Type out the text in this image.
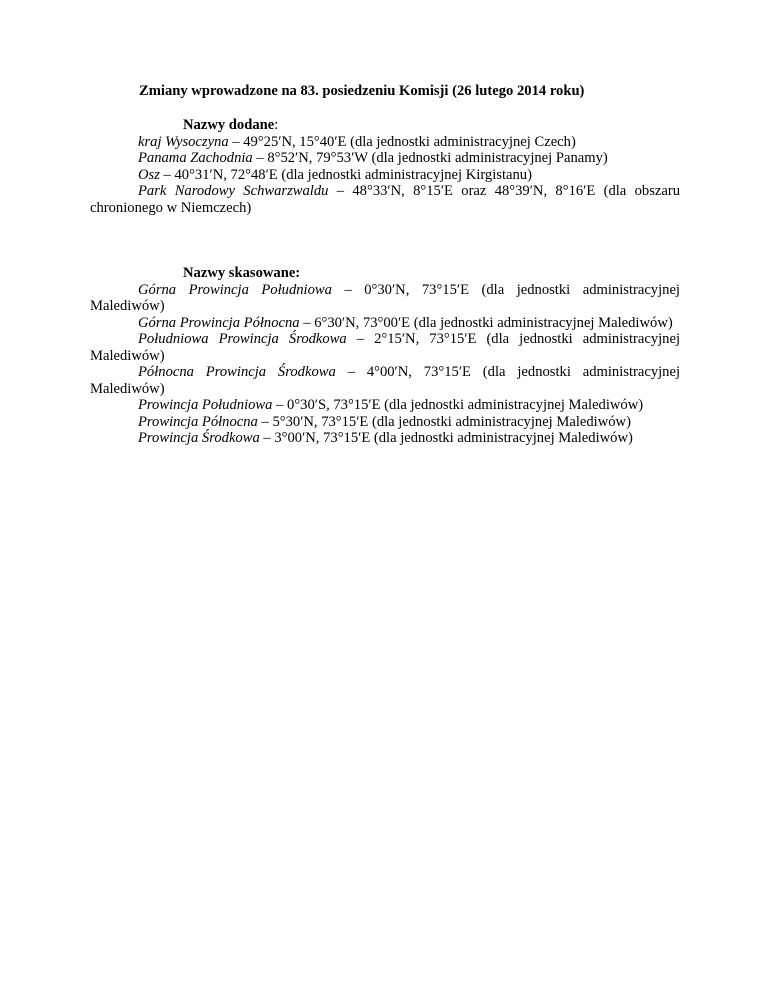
Zmiany wprowadzone na 83. posiedzeniu Komisji (26 lutego 2014 roku)

Nazwy dodane:
kraj Wysoczyna – 49°25′N, 15°40′E (dla jednostki administracyjnej Czech)
Panama Zachodnia – 8°52′N, 79°53′W (dla jednostki administracyjnej Panamy)
Osz – 40°31′N, 72°48′E (dla jednostki administracyjnej Kirgistanu)
Park Narodowy Schwarzwaldu – 48°33′N, 8°15′E oraz 48°39′N, 8°16′E (dla obszaru chronionego w Niemczech)
Nazwy skasowane:
Górna Prowincja Południowa – 0°30′N, 73°15′E (dla jednostki administracyjnej Malediwów)
Górna Prowincja Północna – 6°30′N, 73°00′E (dla jednostki administracyjnej Malediwów)
Południowa Prowincja Środkowa – 2°15′N, 73°15′E (dla jednostki administracyjnej Malediwów)
Północna Prowincja Środkowa – 4°00′N, 73°15′E (dla jednostki administracyjnej Malediwów)
Prowincja Południowa – 0°30′S, 73°15′E (dla jednostki administracyjnej Malediwów)
Prowincja Północna – 5°30′N, 73°15′E (dla jednostki administracyjnej Malediwów)
Prowincja Środkowa – 3°00′N, 73°15′E (dla jednostki administracyjnej Malediwów)
